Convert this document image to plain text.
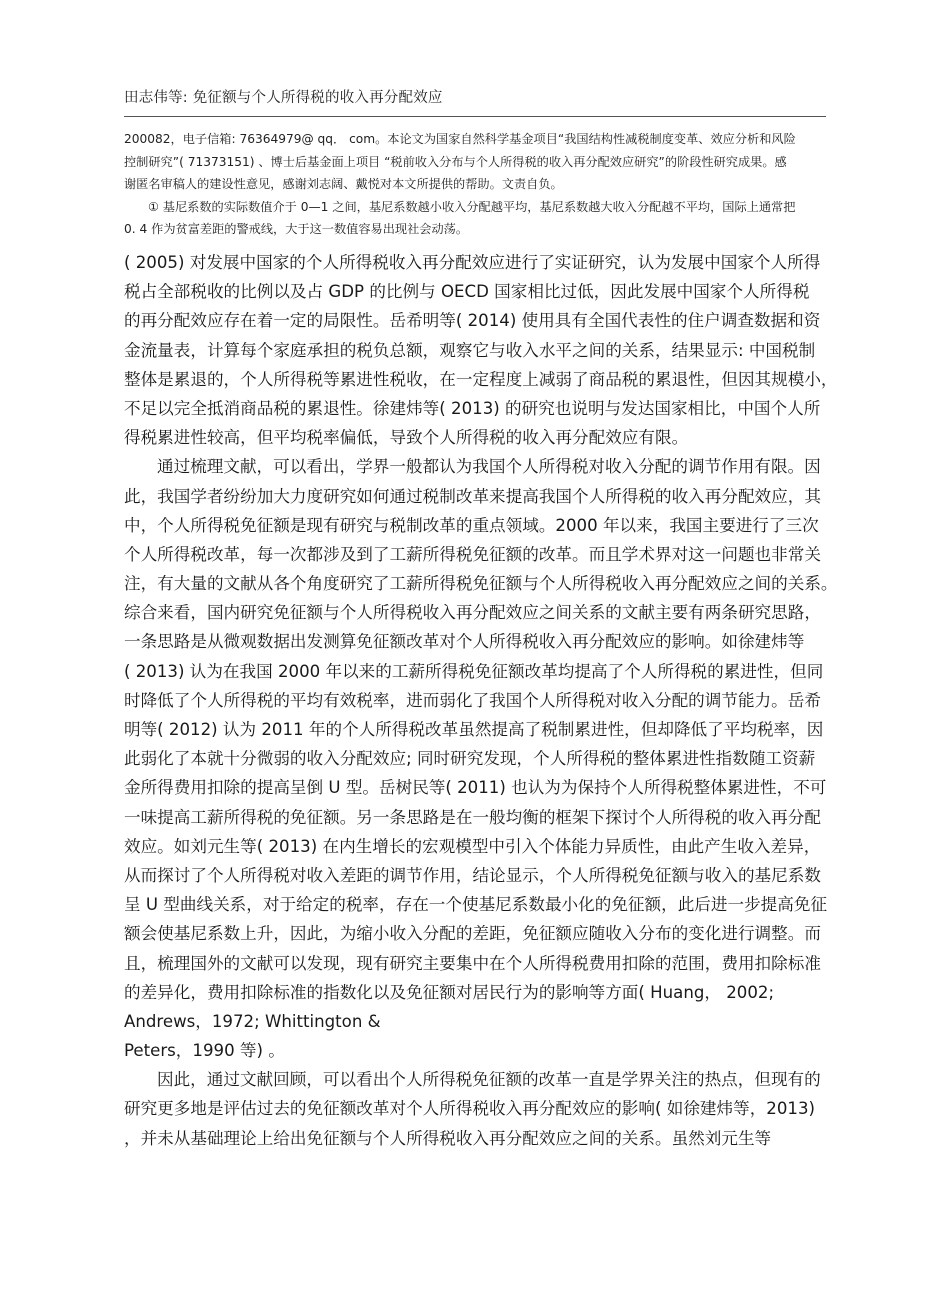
田志伟等: 免征额与个人所得税的收入再分配效应
200082，电子信箱: 76364979@ qq． com。本论文为国家自然科学基金项目“我国结构性减税制度变革、效应分析和风险
控制研究”( 71373151) 、博士后基金面上项目 “税前收入分布与个人所得税的收入再分配效应研究”的阶段性研究成果。感
谢匿名审稿人的建设性意见，感谢刘志阔、戴悦对本文所提供的帮助。文责自负。
① 基尼系数的实际数值介于 0—1 之间，基尼系数越小收入分配越平均，基尼系数越大收入分配越不平均，国际上通常把
0. 4 作为贫富差距的警戒线，大于这一数值容易出现社会动荡。
( 2005) 对发展中国家的个人所得税收入再分配效应进行了实证研究，认为发展中国家个人所得
税占全部税收的比例以及占 GDP 的比例与 OECD 国家相比过低，因此发展中国家个人所得税
的再分配效应存在着一定的局限性。岳希明等( 2014) 使用具有全国代表性的住户调查数据和资
金流量表，计算每个家庭承担的税负总额，观察它与收入水平之间的关系，结果显示: 中国税制
整体是累退的，个人所得税等累进性税收，在一定程度上减弱了商品税的累退性，但因其规模小，
不足以完全抵消商品税的累退性。徐建炜等( 2013) 的研究也说明与发达国家相比，中国个人所
得税累进性较高，但平均税率偏低，导致个人所得税的收入再分配效应有限。
通过梳理文献，可以看出，学界一般都认为我国个人所得税对收入分配的调节作用有限。因
此，我国学者纷纷加大力度研究如何通过税制改革来提高我国个人所得税的收入再分配效应，其
中，个人所得税免征额是现有研究与税制改革的重点领域。2000 年以来，我国主要进行了三次
个人所得税改革，每一次都涉及到了工薪所得税免征额的改革。而且学术界对这一问题也非常关
注，有大量的文献从各个角度研究了工薪所得税免征额与个人所得税收入再分配效应之间的关系。
综合来看，国内研究免征额与个人所得税收入再分配效应之间关系的文献主要有两条研究思路，
一条思路是从微观数据出发测算免征额改革对个人所得税收入再分配效应的影响。如徐建炜等
( 2013) 认为在我国 2000 年以来的工薪所得税免征额改革均提高了个人所得税的累进性，但同
时降低了个人所得税的平均有效税率，进而弱化了我国个人所得税对收入分配的调节能力。岳希
明等( 2012) 认为 2011 年的个人所得税改革虽然提高了税制累进性，但却降低了平均税率，因
此弱化了本就十分微弱的收入分配效应; 同时研究发现，个人所得税的整体累进性指数随工资薪
金所得费用扣除的提高呈倒 U 型。岳树民等( 2011) 也认为为保持个人所得税整体累进性，不可
一味提高工薪所得税的免征额。另一条思路是在一般均衡的框架下探讨个人所得税的收入再分配
效应。如刘元生等( 2013) 在内生增长的宏观模型中引入个体能力异质性，由此产生收入差异，
从而探讨了个人所得税对收入差距的调节作用，结论显示，个人所得税免征额与收入的基尼系数
呈 U 型曲线关系，对于给定的税率，存在一个使基尼系数最小化的免征额，此后进一步提高免征
额会使基尼系数上升，因此，为缩小收入分配的差距，免征额应随收入分布的变化进行调整。而
且，梳理国外的文献可以发现，现有研究主要集中在个人所得税费用扣除的范围，费用扣除标准
的差异化，费用扣除标准的指数化以及免征额对居民行为的影响等方面( Huang， 2002;
Andrews，1972; Whittington &
Peters，1990 等) 。
因此，通过文献回顾，可以看出个人所得税免征额的改革一直是学界关注的热点，但现有的
研究更多地是评估过去的免征额改革对个人所得税收入再分配效应的影响( 如徐建炜等，2013)
，并未从基础理论上给出免征额与个人所得税收入再分配效应之间的关系。虽然刘元生等
